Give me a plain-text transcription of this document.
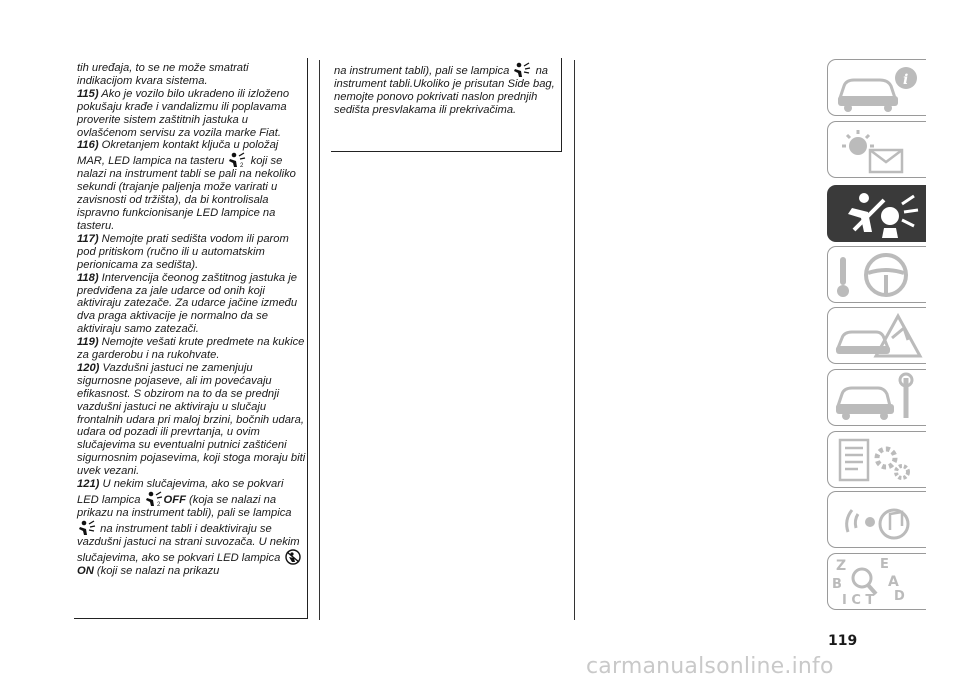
tih uređaja, to se ne može smatrati indikacijom kvara sistema.

115) Ako je vozilo bilo ukradeno ili izloženo pokušaju krađe i vandalizmu ili poplavama proverite sistem zaštitnih jastuka u ovlašćenom servisu za vozila marke Fiat.

116) Okretanjem kontakt ključa u položaj MAR, LED lampica na tasteru	2 koji se nalazi na instrument tabli se pali na nekoliko sekundi (trajanje paljenja može varirati u zavisnosti od tržišta), da bi kontrolisala ispravno funkcionisanje LED lampice na tasteru.

117) Nemojte prati sedišta vodom ili parom pod pritiskom (ručno ili u automatskim perionicama za sedišta).

118) Intervencija čeonog zaštitnog jastuka je predviđena za jale udarce od onih koji aktiviraju zatezače. Za udarce jačine između dva praga aktivacije je normalno da se aktiviraju samo zatezači.

119) Nemojte vešati krute predmete na kukice za garderobu i na rukohvate.

120) Vazdušni jastuci ne zamenjuju sigurnosne pojaseve, ali im povećavaju efikasnost. S obzirom na to da se prednji vazdušni jastuci ne aktiviraju u slučaju frontalnih udara pri maloj brzini, bočnih udara, udara od pozadi ili prevrtanja, u ovim slučajevima su eventualni putnici zaštićeni sigurnosnim pojasevima, koji stoga moraju biti uvek vezani.

121) U nekim slučajevima, ako se pokvari LED lampica	2 OFF (koja se nalazi na prikazu na instrument tabli), pali se lampica  na instrument tabli i deaktiviraju se vazdušni jastuci na strani suvozača. U nekim slučajevima, ako se pokvari LED lampica ON (koji se nalazi na prikazu

na instrument tabli), pali se lampica na instrument tabli.Ukoliko je prisutan Side bag, nemojte ponovo pokrivati naslon prednjih sedišta presvlakama ili prekrivačima.

i
Z	E
B	A
I C T D
119
carmanualsonline.info
